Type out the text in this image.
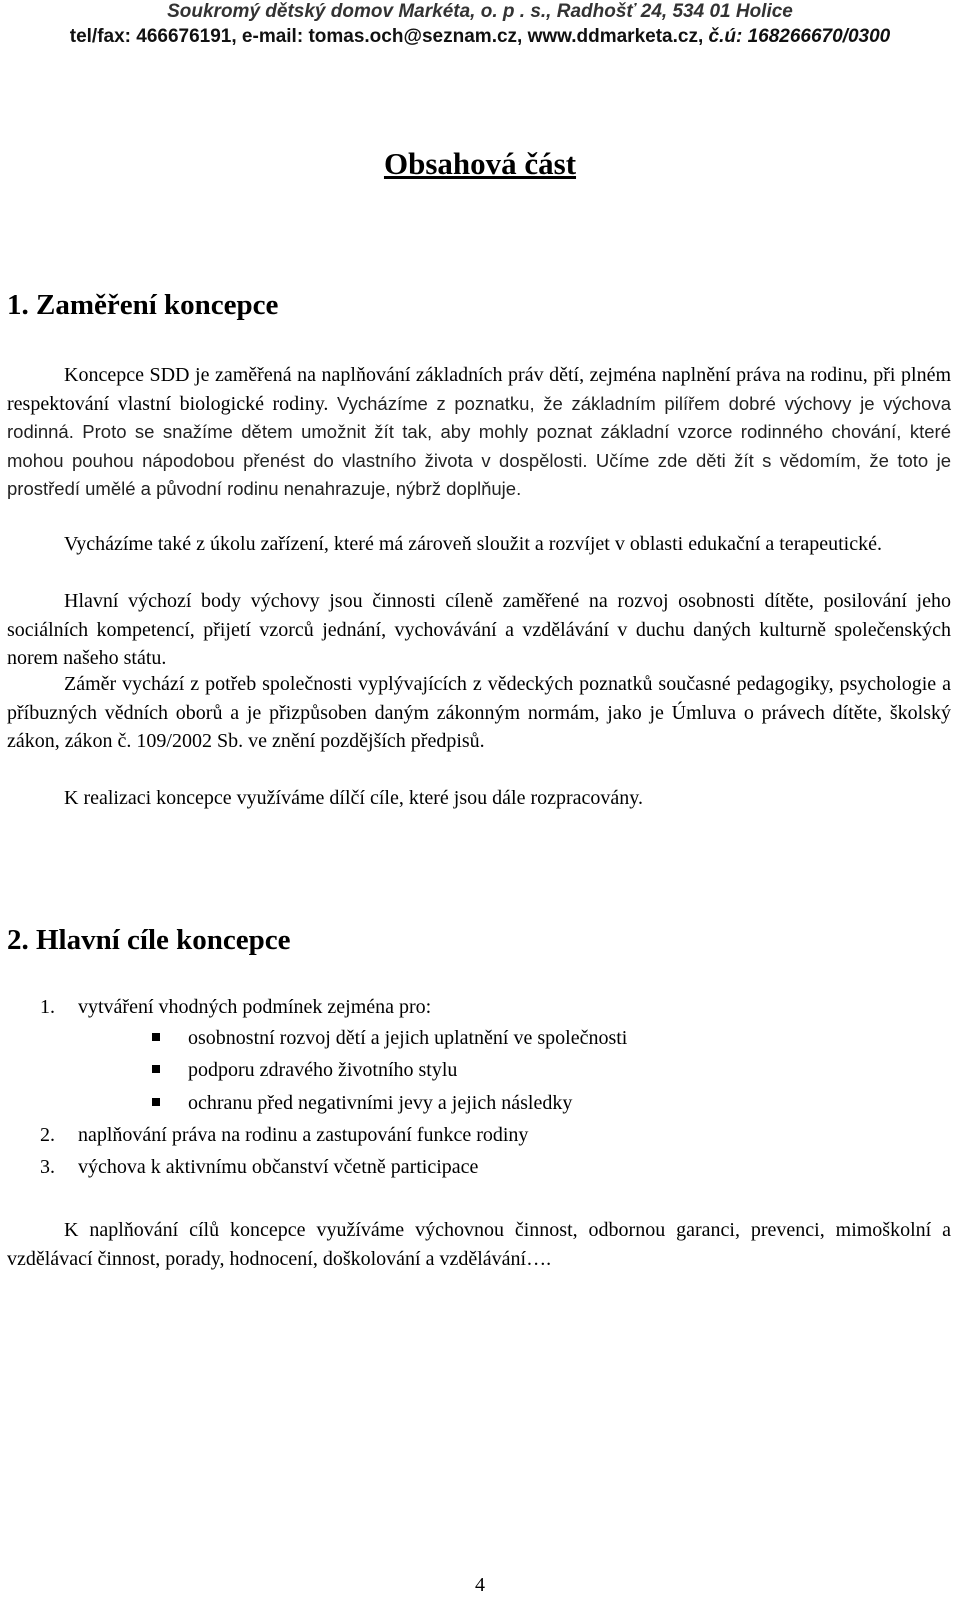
Soukromý dětský domov Markéta, o. p . s., Radhošť 24, 534 01 Holice
tel/fax: 466676191, e-mail: tomas.och@seznam.cz, www.ddmarketa.cz, č.ú: 168266670/0300
Obsahová část
1. Zaměření koncepce
Koncepce SDD je zaměřená na naplňování základních práv dětí, zejména naplnění práva na rodinu, při plném respektování vlastní biologické rodiny. Vycházíme z poznatku, že základním pilířem dobré výchovy je výchova rodinná. Proto se snažíme dětem umožnit žít tak, aby mohly poznat základní vzorce rodinného chování, které mohou pouhou nápodobou přenést do vlastního života v dospělosti. Učíme zde děti žít s vědomím, že toto je prostředí umělé a původní rodinu nenahrazuje, nýbrž doplňuje.
Vycházíme také z úkolu zařízení, které má zároveň sloužit a rozvíjet v oblasti edukační a terapeutické.
Hlavní výchozí body výchovy jsou činnosti cíleně zaměřené na rozvoj osobnosti dítěte, posilování jeho sociálních kompetencí, přijetí vzorců jednání, vychovávání a vzdělávání v duchu daných kulturně společenských norem našeho státu.
Záměr vychází z potřeb společnosti vyplývajících z vědeckých poznatků současné pedagogiky, psychologie a příbuzných vědních oborů a je přizpůsoben daným zákonným normám, jako je Úmluva o právech dítěte, školský zákon, zákon č. 109/2002 Sb. ve znění pozdějších předpisů.
K realizaci koncepce využíváme dílčí cíle, které jsou dále rozpracovány.
2. Hlavní cíle koncepce
1. vytváření vhodných podmínek zejména pro:
osobnostní rozvoj dětí a jejich uplatnění ve společnosti
podporu zdravého životního stylu
ochranu před negativními jevy a jejich následky
2. naplňování práva na rodinu a zastupování funkce rodiny
3. výchova k aktivnímu občanství včetně participace
K naplňování cílů koncepce využíváme výchovnou činnost, odbornou garanci, prevenci, mimoškolní a vzdělávací činnost, porady, hodnocení, doškolování a vzdělávání….
4
